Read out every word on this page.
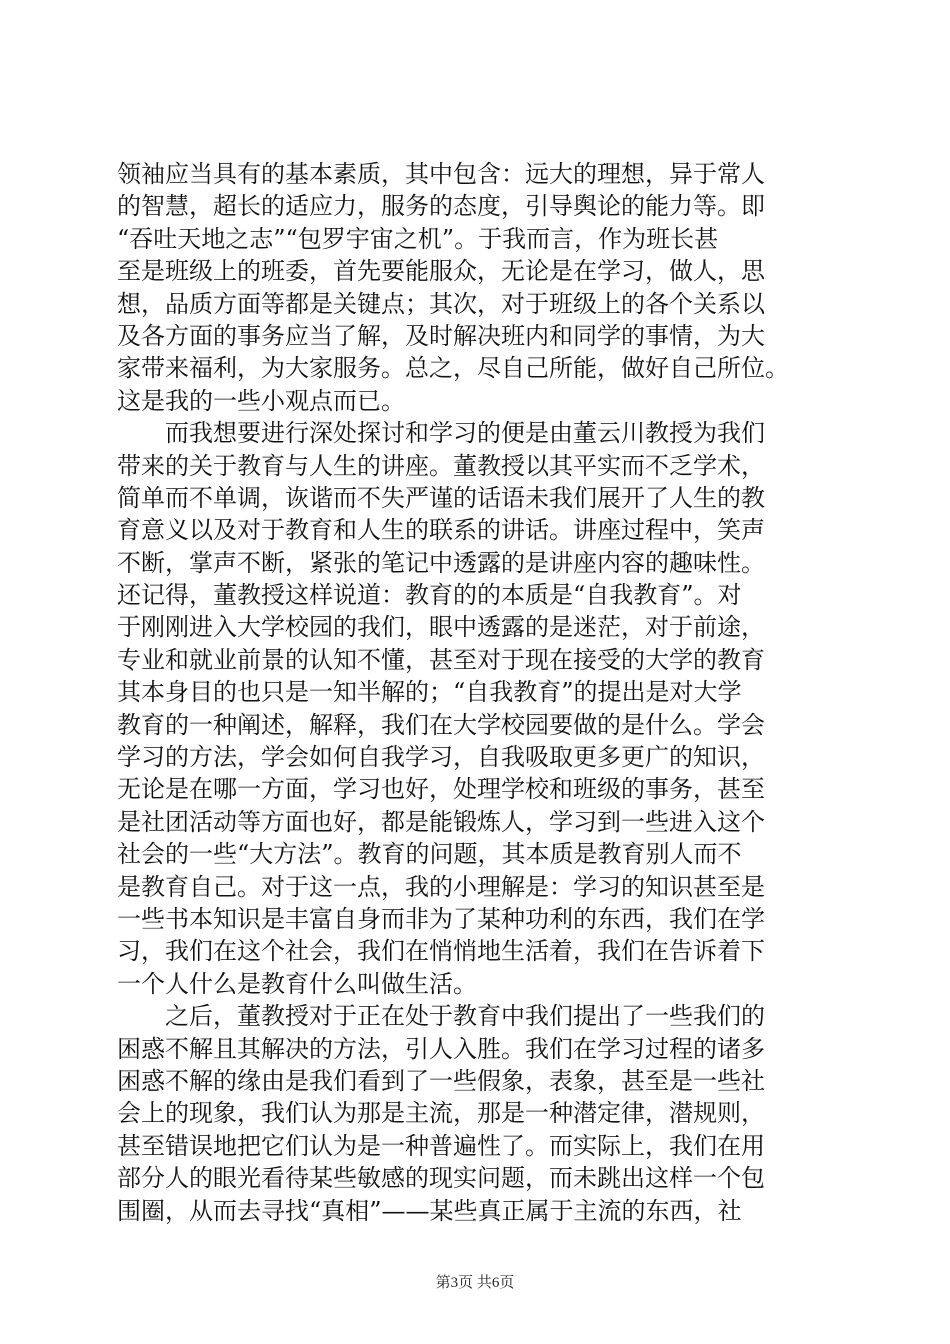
领袖应当具有的基本素质，其中包含：远大的理想，异于常人
的智慧，超长的适应力，服务的态度，引导舆论的能力等。即
“吞吐天地之志”“包罗宇宙之机”。于我而言，作为班长甚
至是班级上的班委，首先要能服众，无论是在学习，做人，思
想，品质方面等都是关键点；其次，对于班级上的各个关系以
及各方面的事务应当了解，及时解决班内和同学的事情，为大
家带来福利，为大家服务。总之，尽自己所能，做好自己所位。
这是我的一些小观点而已。
　　而我想要进行深处探讨和学习的便是由董云川教授为我们
带来的关于教育与人生的讲座。董教授以其平实而不乏学术，
简单而不单调，诙谐而不失严谨的话语未我们展开了人生的教
育意义以及对于教育和人生的联系的讲话。讲座过程中，笑声
不断，掌声不断，紧张的笔记中透露的是讲座内容的趣味性。
还记得，董教授这样说道：教育的的本质是“自我教育”。对
于刚刚进入大学校园的我们，眼中透露的是迷茫，对于前途，
专业和就业前景的认知不懂，甚至对于现在接受的大学的教育
其本身目的也只是一知半解的；“自我教育”的提出是对大学
教育的一种阐述，解释，我们在大学校园要做的是什么。学会
学习的方法，学会如何自我学习，自我吸取更多更广的知识，
无论是在哪一方面，学习也好，处理学校和班级的事务，甚至
是社团活动等方面也好，都是能锻炼人，学习到一些进入这个
社会的一些“大方法”。教育的问题，其本质是教育别人而不
是教育自己。对于这一点，我的小理解是：学习的知识甚至是
一些书本知识是丰富自身而非为了某种功利的东西，我们在学
习，我们在这个社会，我们在悄悄地生活着，我们在告诉着下
一个人什么是教育什么叫做生活。
　　之后，董教授对于正在处于教育中我们提出了一些我们的
困惑不解且其解决的方法，引人入胜。我们在学习过程的诸多
困惑不解的缘由是我们看到了一些假象，表象，甚至是一些社
会上的现象，我们认为那是主流，那是一种潜定律，潜规则，
甚至错误地把它们认为是一种普遍性了。而实际上，我们在用
部分人的眼光看待某些敏感的现实问题，而未跳出这样一个包
围圈，从而去寻找“真相”——某些真正属于主流的东西，社
第3页 共6页
